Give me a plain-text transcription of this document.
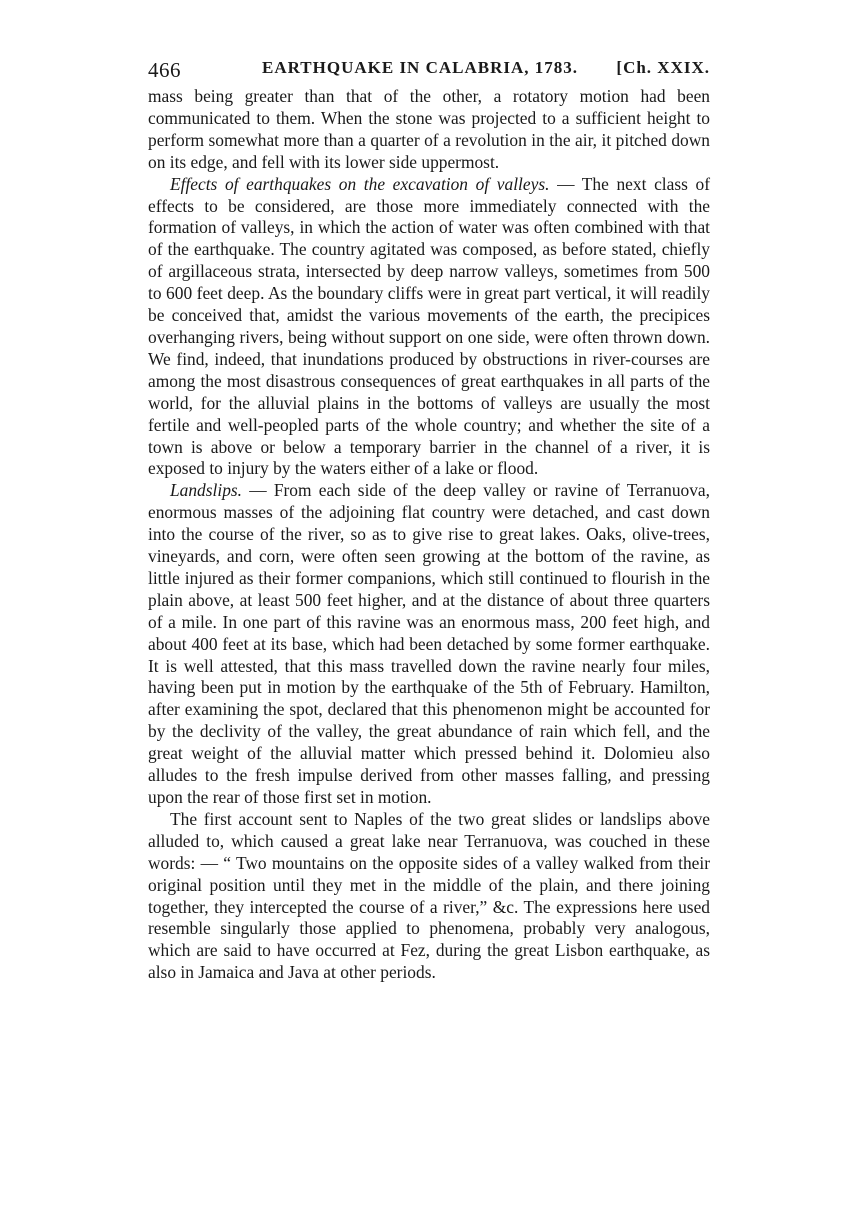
466	EARTHQUAKE IN CALABRIA, 1783. [Ch. XXIX.

mass being greater than that of the other, a rotatory motion had been communicated to them. When the stone was projected to a sufficient height to perform somewhat more than a quarter of a revolution in the air, it pitched down on its edge, and fell with its lower side uppermost.

Effects of earthquakes on the excavation of valleys. — The next class of effects to be considered, are those more immediately connected with the formation of valleys, in which the action of water was often combined with that of the earthquake. The country agitated was composed, as before stated, chiefly of argillaceous strata, intersected by deep narrow valleys, sometimes from 500 to 600 feet deep. As the boundary cliffs were in great part vertical, it will readily be conceived that, amidst the various movements of the earth, the precipices overhanging rivers, being without support on one side, were often thrown down. We find, indeed, that inundations produced by obstructions in river-courses are among the most disastrous consequences of great earthquakes in all parts of the world, for the alluvial plains in the bottoms of valleys are usually the most fertile and well-peopled parts of the whole country; and whether the site of a town is above or below a temporary barrier in the channel of a river, it is exposed to injury by the waters either of a lake or flood.

Landslips. — From each side of the deep valley or ravine of Terranuova, enormous masses of the adjoining flat country were detached, and cast down into the course of the river, so as to give rise to great lakes. Oaks, olive-trees, vineyards, and corn, were often seen growing at the bottom of the ravine, as little injured as their former companions, which still continued to flourish in the plain above, at least 500 feet higher, and at the distance of about three quarters of a mile. In one part of this ravine was an enormous mass, 200 feet high, and about 400 feet at its base, which had been detached by some former earthquake. It is well attested, that this mass travelled down the ravine nearly four miles, having been put in motion by the earthquake of the 5th of February. Hamilton, after examining the spot, declared that this phenomenon might be accounted for by the declivity of the valley, the great abundance of rain which fell, and the great weight of the alluvial matter which pressed behind it. Dolomieu also alludes to the fresh impulse derived from other masses falling, and pressing upon the rear of those first set in motion.

The first account sent to Naples of the two great slides or landslips above alluded to, which caused a great lake near Terranuova, was couched in these words: — “ Two mountains on the opposite sides of a valley walked from their original position until they met in the middle of the plain, and there joining together, they intercepted the course of a river,” &c. The expressions here used resemble singularly those applied to phenomena, probably very analogous, which are said to have occurred at Fez, during the great Lisbon earthquake, as also in Jamaica and Java at other periods.
